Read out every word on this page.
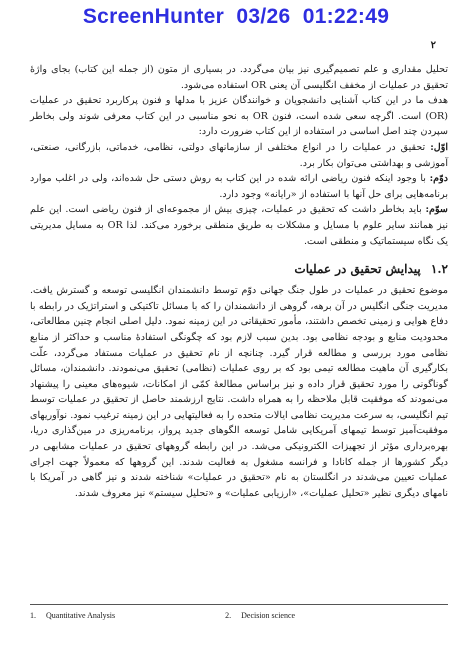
ScreenHunter  03/26  01:22:49
۲

تحلیل مقداری و علم تصمیم‌گیری نیز بیان می‌گردد. در بسیاری از متون (از جمله این کتاب) بجای واژهٔ تحقیق در عملیات از مخفف انگلیسی آن یعنی OR استفاده می‌شود.

هدف ما در این کتاب آشنایی دانشجویان و خوانندگان عزیز با مدلها و فنون پرکاربرد تحقیق در عملیات (OR) است. اگرچه سعی شده است، فنون OR به نحو مناسبی در این کتاب معرفی شوند ولی بخاطر سپردن چند اصل اساسی در استفاده از این کتاب ضرورت دارد:

اوّل: تحقیق در عملیات را در انواع مختلفی از سازمانهای دولتی، نظامی، خدماتی، بازرگانی، صنعتی، آموزشی و بهداشتی می‌توان بکار برد.

دوّم: با وجود اینکه فنون ریاضی ارائه شده در این کتاب به روش دستی حل شده‌اند، ولی در اغلب موارد برنامه‌هایی برای حل آنها با استفاده از «رایانه» وجود دارد.

سوّم: باید بخاطر داشت که تحقیق در عملیات، چیزی بیش از مجموعه‌ای از فنون ریاضی است. این علم نیز همانند سایر علوم با مسایل و مشکلات به طریق منطقی برخورد می‌کند. لذا OR به مسایل مدیریتی یک نگاه سیستماتیک و منطقی است.

۱.۲ پیدایش تحقیق در عملیات

موضوع تحقیق در عملیات در طول جنگ جهانی دوّم توسط دانشمندان انگلیسی توسعه و گسترش یافت. مدیریت جنگی انگلیس در آن برهه، گروهی از دانشمندان را که با مسائل تاکتیکی و استراتژیک در رابطه با دفاع هوایی و زمینی تخصص داشتند، مأمور تحقیقاتی در این زمینه نمود. دلیل اصلی انجام چنین مطالعاتی، محدودیت منابع و بودجه نظامی بود. بدین سبب لازم بود که چگونگی استفادهٔ مناسب و حداکثر از منابع نظامی مورد بررسی و مطالعه قرار گیرد. چنانچه از نام تحقیق در عملیات مستفاد می‌گردد، علّت بکارگیری آن ماهیت مطالعه تیمی بود که بر روی عملیات (نظامی) تحقیق می‌نمودند. دانشمندان، مسائل گوناگونی را مورد تحقیق قرار داده و نیز براساس مطالعهٔ کمّی از امکانات، شیوه‌های معینی را پیشنهاد می‌نمودند که موفقیت قابل ملاحظه را به همراه داشت. نتایج ارزشمند حاصل از تحقیق در عملیات توسط تیم انگلیسی، به سرعت مدیریت نظامی ایالات متحده را به فعالیتهایی در این زمینه ترغیب نمود. نوآوریهای موفقیت‌آمیز توسط تیمهای آمریکایی شامل توسعه الگوهای جدید پرواز، برنامه‌ریزی در مین‌گذاری دریا، بهره‌برداری مؤثر از تجهیزات الکترونیکی می‌شد. در این رابطه گروههای تحقیق در عملیات مشابهی در دیگر کشورها از جمله کانادا و فرانسه مشغول به فعالیت شدند. این گروهها که معمولاً جهت اجرای عملیات تعیین می‌شدند در انگلستان به نام «تحقیق در عملیات» شناخته شدند و نیز گاهی در آمریکا با نامهای دیگری نظیر «تحلیل عملیات»، «ارزیابی عملیات» و «تحلیل سیستم» نیز معروف شدند.

1. Quantitative Analysis	2. Decision science
